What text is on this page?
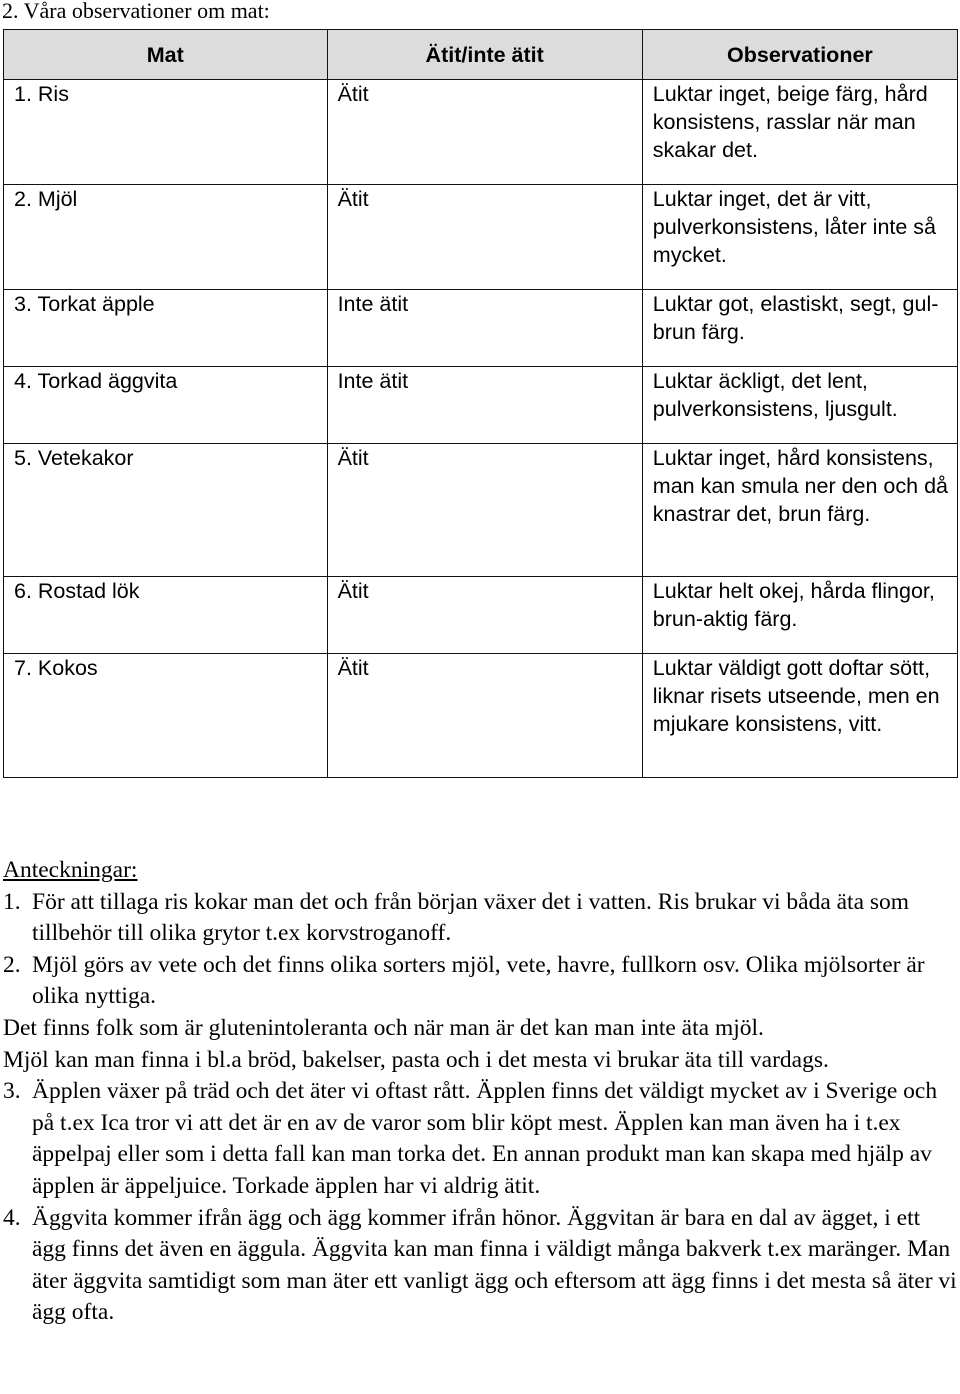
2. Våra observationer om mat:
Mat	Ätit/inte ätit	Observationer
1. Ris	Ätit	Luktar inget, beige färg, hård konsistens, rasslar när man skakar det.
2. Mjöl	Ätit	Luktar inget, det är vitt, pulverkonsistens, låter inte så mycket.
3. Torkat äpple	Inte ätit	Luktar got, elastiskt, segt, gul-brun färg.
4. Torkad äggvita	Inte ätit	Luktar äckligt, det lent, pulverkonsistens, ljusgult.
5. Vetekakor	Ätit	Luktar inget, hård konsistens, man kan smula ner den och då knastrar det, brun färg.
6. Rostad lök	Ätit	Luktar helt okej, hårda flingor, brun-aktig färg.
7. Kokos	Ätit	Luktar väldigt gott doftar sött, liknar risets utseende, men en mjukare konsistens, vitt.
Anteckningar:
1. För att tillaga ris kokar man det och från början växer det i vatten. Ris brukar vi båda äta som tillbehör till olika grytor t.ex korvstroganoff.
2. Mjöl görs av vete och det finns olika sorters mjöl, vete, havre, fullkorn osv. Olika mjölsorter är olika nyttiga.
Det finns folk som är glutenintoleranta och när man är det kan man inte äta mjöl.
Mjöl kan man finna i bl.a bröd, bakelser, pasta och i det mesta vi brukar äta till vardags.
3. Äpplen växer på träd och det äter vi oftast rått. Äpplen finns det väldigt mycket av i Sverige och på t.ex Ica tror vi att det är en av de varor som blir köpt mest. Äpplen kan man även ha i t.ex äppelpaj eller som i detta fall kan man torka det. En annan produkt man kan skapa med hjälp av äpplen är äppeljuice. Torkade äpplen har vi aldrig ätit.
4. Äggvita kommer ifrån ägg och ägg kommer ifrån hönor. Äggvitan är bara en dal av ägget, i ett ägg finns det även en äggula. Äggvita kan man finna i väldigt många bakverk t.ex maränger. Man äter äggvita samtidigt som man äter ett vanligt ägg och eftersom att ägg finns i det mesta så äter vi ägg ofta.
